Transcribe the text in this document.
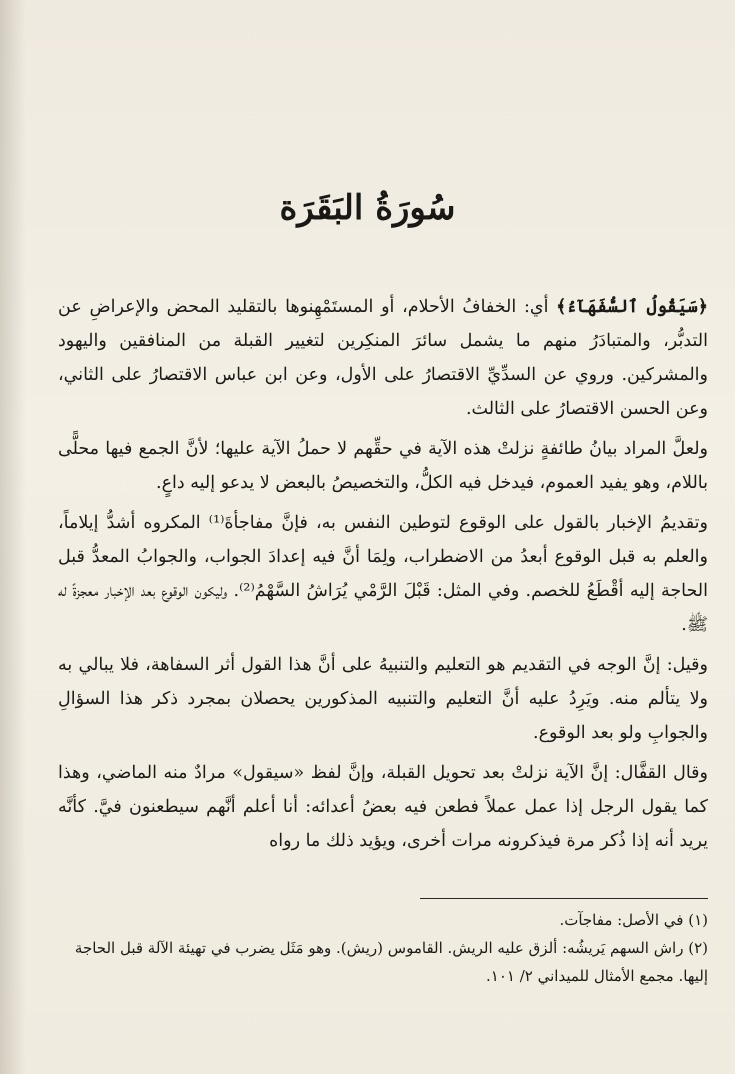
سُورَةُ البَقَرَة

﴿سَيَقُولُ ٱلسُّفَهَآءُ﴾ أي: الخفافُ الأحلام، أو المستَمْهِنوها بالتقليد المحض والإعراضِ عن التدبُّر، والمتبادَرُ منهم ما يشمل سائرَ المنكِرين لتغيير القبلة من المنافقين واليهود والمشركين. وروي عن السدِّيِّ الاقتصارُ على الأول، وعن ابن عباس الاقتصارُ على الثاني، وعن الحسن الاقتصارُ على الثالث.

ولعلَّ المراد بيانُ طائفةٍ نزلتْ هذه الآية في حقِّهم لا حملُ الآية عليها؛ لأنَّ الجمع فيها محلًّى باللام، وهو يفيد العموم، فيدخل فيه الكلُّ، والتخصيصُ بالبعض لا يدعو إليه داعٍ.

وتقديمُ الإخبار بالقول على الوقوع لتوطين النفس به، فإنَّ مفاجأةَ⁽¹⁾ المكروه أشدُّ إيلاماً، والعلم به قبل الوقوع أبعدُ من الاضطراب، ولِمَا أنَّ فيه إعدادَ الجواب، والجوابُ المعدُّ قبل الحاجة إليه أقْطَعُ للخصم. وفي المثل: قَبْلَ الرَّمْي يُرَاشُ السَّهْمُ⁽²⁾. وليكون الوقوع بعد الإخبار معجزةً له ﷺ.

وقيل: إنَّ الوجه في التقديم هو التعليم والتنبيهُ على أنَّ هذا القول أثر السفاهة، فلا يبالي به ولا يتألم منه. ويَرِدُ عليه أنَّ التعليم والتنبيه المذكورين يحصلان بمجرد ذكر هذا السؤالِ والجوابِ ولو بعد الوقوع.

وقال القفَّال: إنَّ الآية نزلتْ بعد تحويل القبلة، وإنَّ لفظ «سيقول» مرادٌ منه الماضي، وهذا كما يقول الرجل إذا عمل عملاً فطعن فيه بعضُ أعدائه: أنا أعلم أنَّهم سيطعنون فيَّ. كأنَّه يريد أنه إذا ذُكر مرة فيذكرونه مرات أخرى، ويؤيد ذلك ما رواه

(١) في الأصل: مفاجآت.
(٢) راش السهم يَريشُه: ألزق عليه الريش. القاموس (ريش). وهو مَثَل يضرب في تهيئة الآلة قبل الحاجة إليها. مجمع الأمثال للميداني ٢/ ١٠١.
